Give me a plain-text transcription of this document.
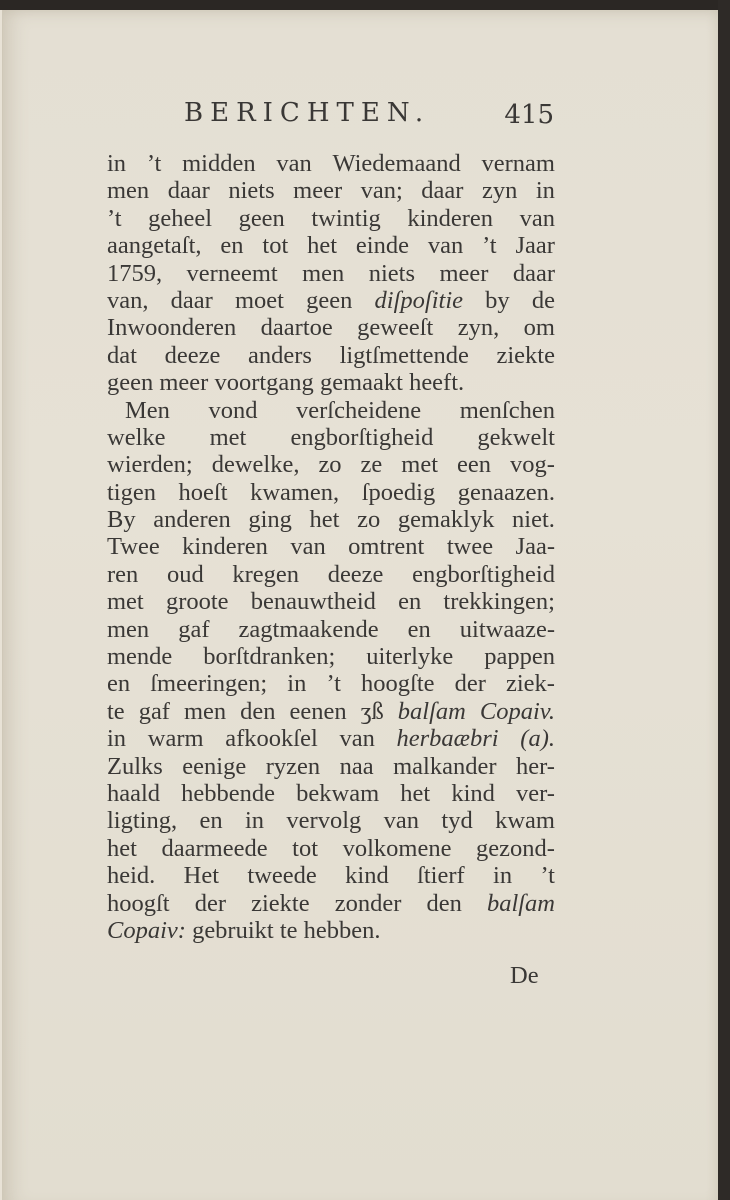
BERICHTEN.	415
in ’t midden van Wiedemaand vernam
men daar niets meer van; daar zyn in
’t geheel geen twintig kinderen van
aangetaſt, en tot het einde van ’t Jaar
1759, verneemt men niets meer daar
van, daar moet geen diſpoſitie by de
Inwoonderen daartoe geweeſt zyn, om
dat deeze anders ligtſmettende ziekte
geen
meer
voortgang
gemaakt
heeft.
Men vond verſcheidene menſchen
welke met engborſtigheid gekwelt
wierden; dewelke, zo ze met een vog-
tigen hoeſt kwamen, ſpoedig genaazen.
By anderen ging het zo gemaklyk niet.
Twee kinderen van omtrent twee Jaa-
ren oud kregen deeze engborſtigheid
met groote benauwtheid en trekkingen;
men gaf zagtmaakende en uitwaaze-
mende borſtdranken; uiterlyke pappen
en ſmeeringen; in ’t hoogſte der ziek-
te gaf men den eenen ʒß balſam Copaiv.
in warm afkookſel van herbaæbri (a).
Zulks eenige ryzen naa malkander her-
haald hebbende bekwam het kind ver-
ligting, en in vervolg van tyd kwam
het daarmeede tot volkomene gezond-
heid. Het tweede kind ſtierf in ’t
hoogſt der ziekte zonder den balſam
Copaiv:
gebruikt
te
hebben.
De
